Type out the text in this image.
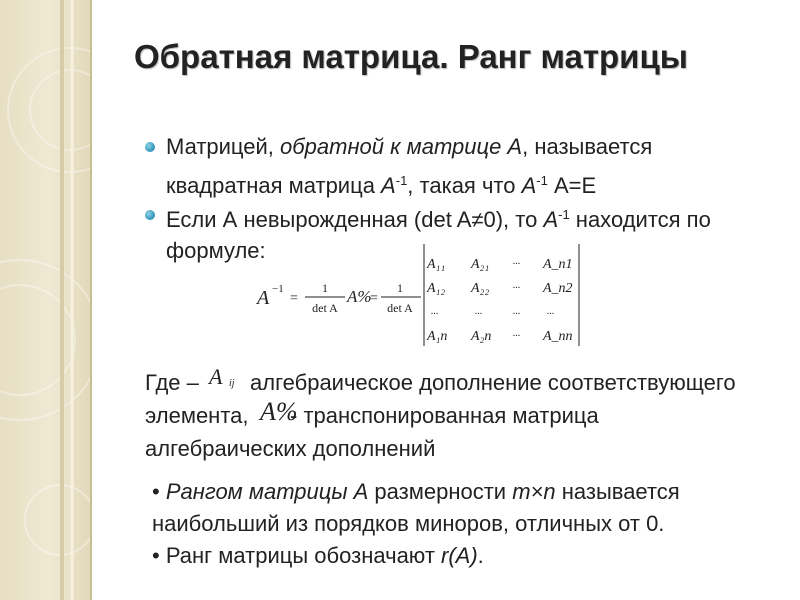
Обратная матрица. Ранг матрицы
Матрицей, обратной к матрице А, называется
квадратная матрица $А^{-1}$, такая что $А^{-1}$ А=Е
Если А невырожденная (det A≠0), то $А^{-1}$ находится по
формуле:
A −1
=
1
det A
A%
=
1
det A
A₁₁ A₂₁ ... A_n1
A₁₂ A₂₂ ... A_n2
...	...	...	...
A₁n A₂n ... A_nn
Где – A ij алгебраическое дополнение соответствующего
элемента, A%
- транспонированная матрица
алгебраических дополнений
• Рангом матрицы А размерности m×n называется
наибольший из порядков миноров, отличных от 0.
• Ранг матрицы обозначают r(A).
